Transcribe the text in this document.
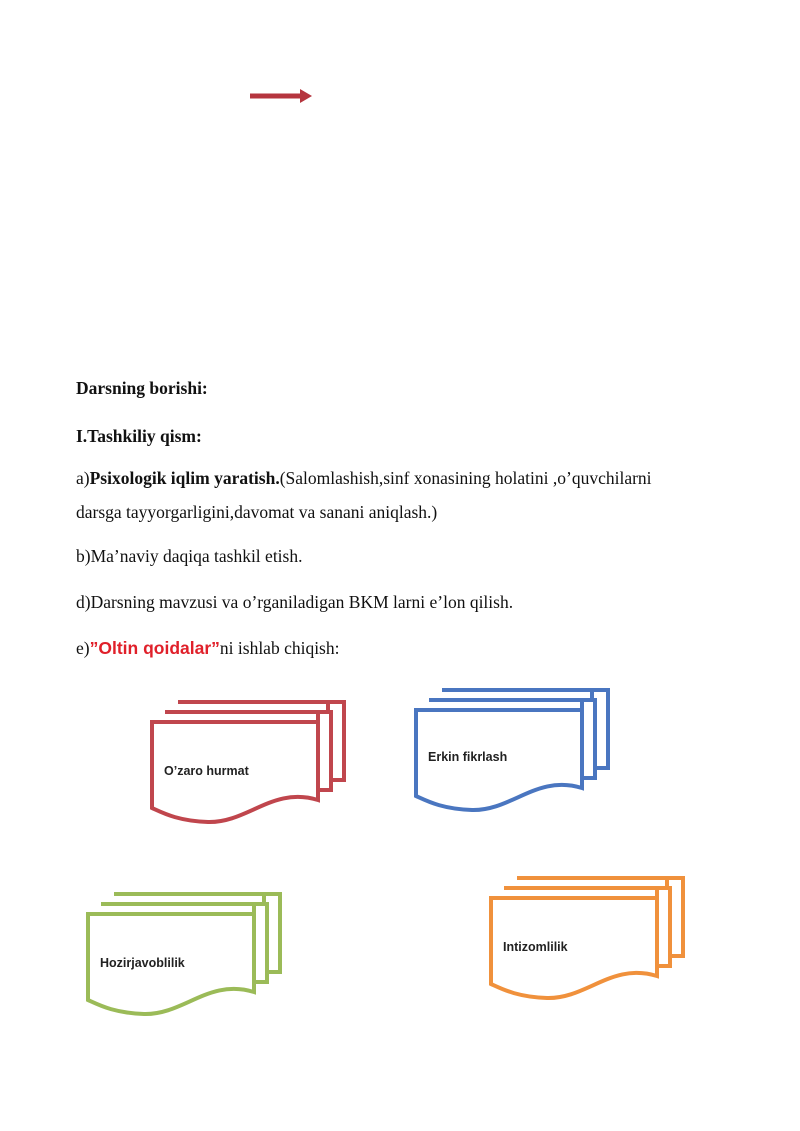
Darsning borishi:
I.Tashkiliy qism:
a)Psixologik iqlim yaratish.(Salomlashish,sinf xonasining holatini ,o’quvchilarni
darsga tayyorgarligini,davomat va sanani aniqlash.)
b)Ma’naviy daqiqa tashkil etish.
d)Darsning mavzusi va o’rganiladigan BKM larni e’lon qilish.
e)”Oltin qoidalar”ni ishlab chiqish:
O’zaro hurmat
Erkin fikrlash
Hozirjavoblilik
Intizomlilik
